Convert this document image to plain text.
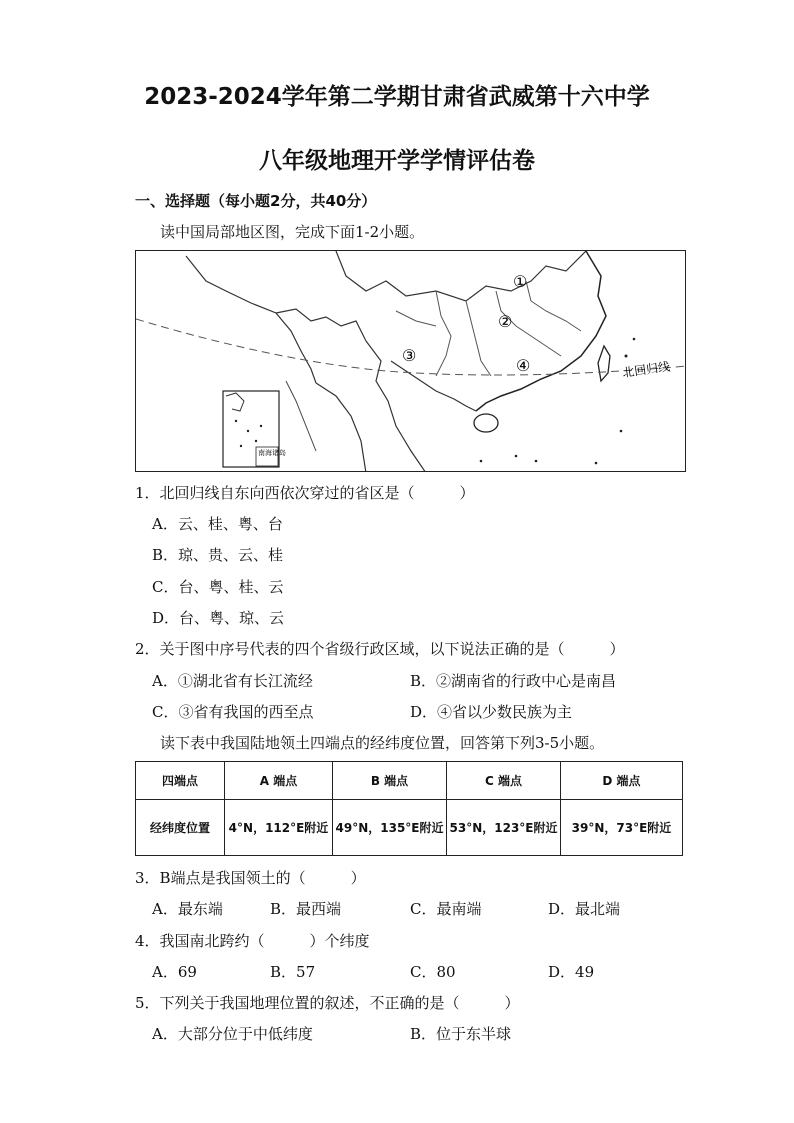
2023-2024学年第二学期甘肃省武威第十六中学
八年级地理开学学情评估卷
一、选择题（每小题2分，共40分）
读中国局部地区图，完成下面1-2小题。
①
②
③
④	北回归线
南海诸岛
1．北回归线自东向西依次穿过的省区是（　　　）
A．云、桂、粤、台
B．琼、贵、云、桂
C．台、粤、桂、云
D．台、粤、琼、云
2．关于图中序号代表的四个省级行政区域，以下说法正确的是（　　　）
A．①湖北省有长江流经	B．②湖南省的行政中心是南昌
C．③省有我国的西至点	D．④省以少数民族为主
读下表中我国陆地领土四端点的经纬度位置，回答第下列3-5小题。
四端点	A 端点	B 端点	C 端点	D 端点
经纬度位置	4°N，112°E附近	49°N，135°E附近	53°N，123°E附近	39°N，73°E附近
3．B端点是我国领土的（　　　）
A．最东端	B．最西端	C．最南端	D．最北端
4．我国南北跨约（　　　）个纬度
A．69	B．57	C．80	D．49
5．下列关于我国地理位置的叙述，不正确的是（　　　）
A．大部分位于中低纬度	B．位于东半球
